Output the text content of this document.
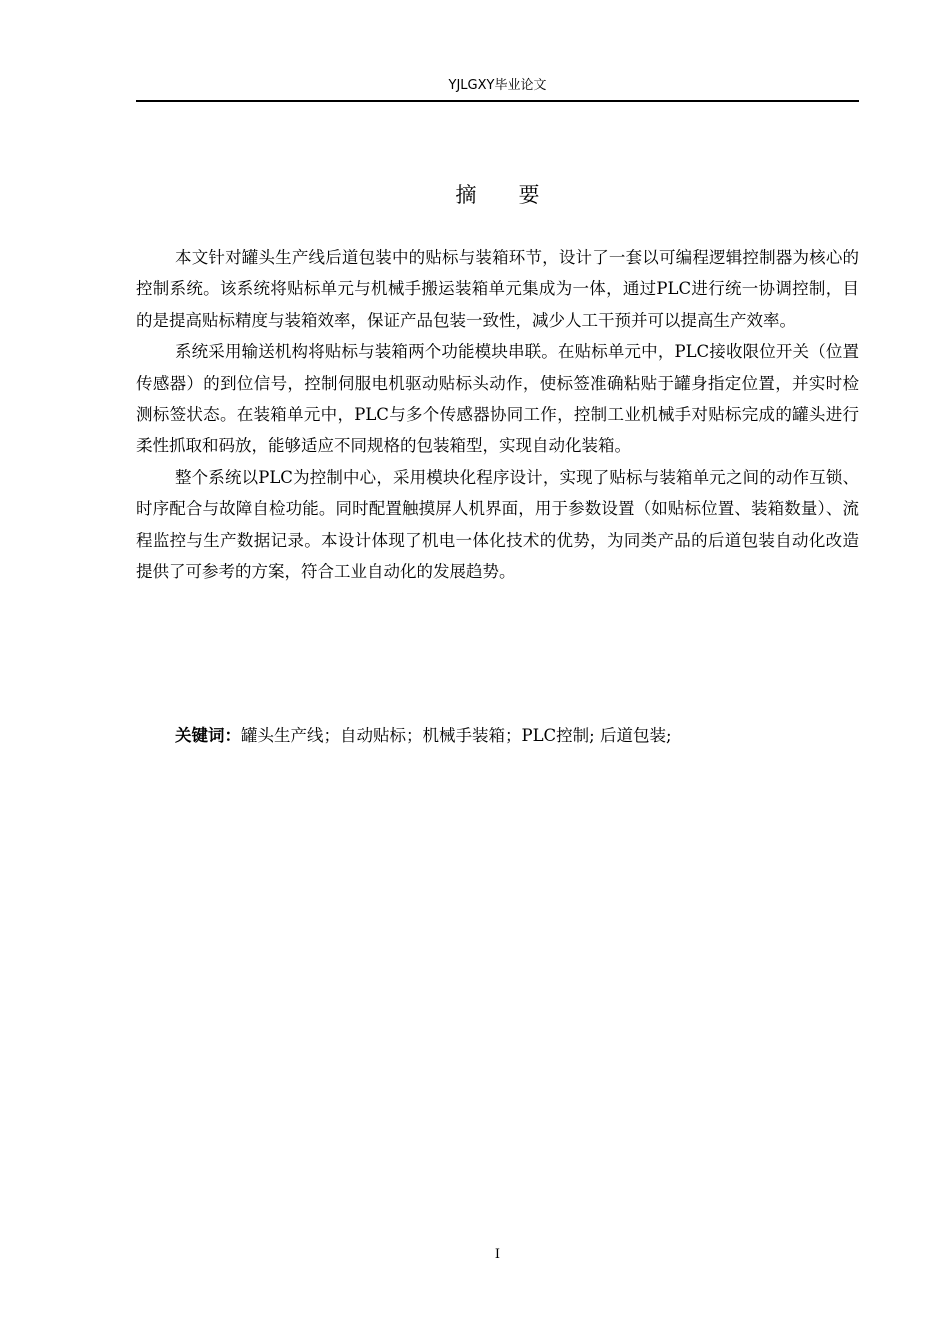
YJLGXY毕业论文
摘要

本文针对罐头生产线后道包装中的贴标与装箱环节，设计了一套以可编程逻辑控制器为核心的控制系统。该系统将贴标单元与机械手搬运装箱单元集成为一体，通过PLC进行统一协调控制，目的是提高贴标精度与装箱效率，保证产品包装一致性，减少人工干预并可以提高生产效率。

系统采用输送机构将贴标与装箱两个功能模块串联。在贴标单元中，PLC接收限位开关（位置传感器）的到位信号，控制伺服电机驱动贴标头动作，使标签准确粘贴于罐身指定位置，并实时检测标签状态。在装箱单元中，PLC与多个传感器协同工作，控制工业机械手对贴标完成的罐头进行柔性抓取和码放，能够适应不同规格的包装箱型，实现自动化装箱。

整个系统以PLC为控制中心，采用模块化程序设计，实现了贴标与装箱单元之间的动作互锁、时序配合与故障自检功能。同时配置触摸屏人机界面，用于参数设置（如贴标位置、装箱数量）、流程监控与生产数据记录。本设计体现了机电一体化技术的优势，为同类产品的后道包装自动化改造提供了可参考的方案，符合工业自动化的发展趋势。

关键词：罐头生产线；自动贴标；机械手装箱；PLC控制; 后道包装;
I
